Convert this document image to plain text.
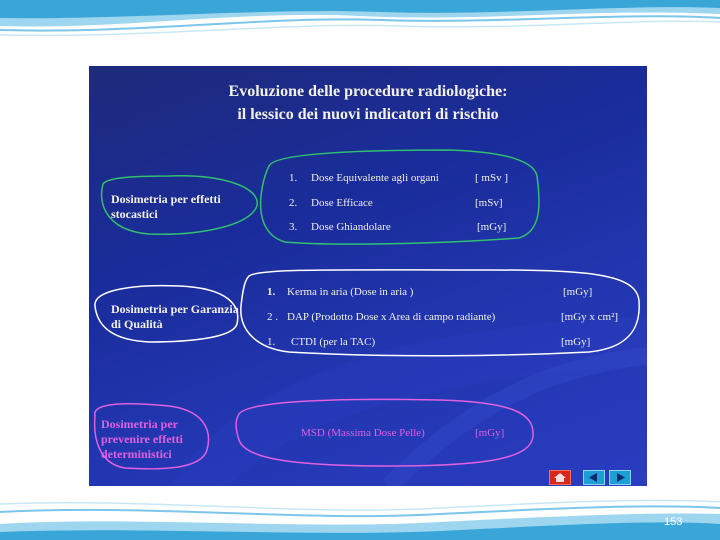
Evoluzione delle procedure radiologiche:
il lessico dei nuovi indicatori di rischio
Dosimetria per effetti stocastici
1. Dose Equivalente agli organi	[ mSv ]
2. Dose Efficace	[mSv]
3. Dose Ghiandolare	[mGy]
Dosimetria per Garanzia di Qualità
1. Kerma in aria (Dose in aria )	[mGy]
2 . DAP (Prodotto Dose x Area di campo radiante)	[mGy x cm²]
1. CTDI (per la TAC)	[mGy]
Dosimetria per prevenire effetti deterministici
MSD (Massima Dose Pelle)	[mGy]
153
